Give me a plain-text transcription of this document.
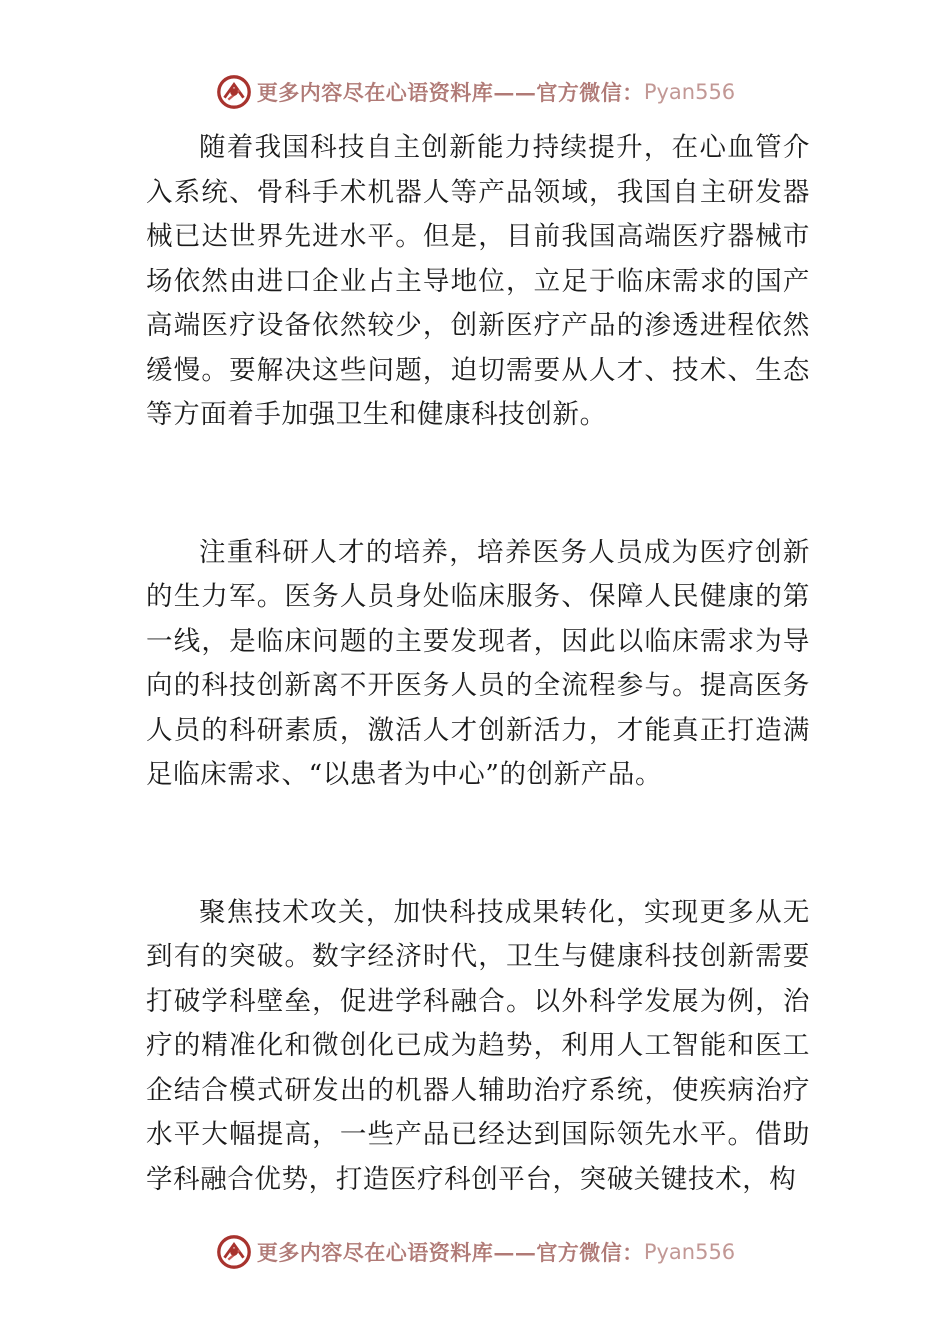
更多内容尽在心语资料库 —— 官方微信： Pyan556

随着我国科技自主创新能力持续提升，在心血管介入系统、骨科手术机器人等产品领域，我国自主研发器械已达世界先进水平。但是，目前我国高端医疗器械市场依然由进口企业占主导地位，立足于临床需求的国产高端医疗设备依然较少，创新医疗产品的渗透进程依然缓慢。要解决这些问题，迫切需要从人才、技术、生态等方面着手加强卫生和健康科技创新。

注重科研人才的培养，培养医务人员成为医疗创新的生力军。医务人员身处临床服务、保障人民健康的第一线，是临床问题的主要发现者，因此以临床需求为导向的科技创新离不开医务人员的全流程参与。提高医务人员的科研素质，激活人才创新活力，才能真正打造满足临床需求、“以患者为中心”的创新产品。

聚焦技术攻关，加快科技成果转化，实现更多从无到有的突破。数字经济时代，卫生与健康科技创新需要打破学科壁垒，促进学科融合。以外科学发展为例，治疗的精准化和微创化已成为趋势，利用人工智能和医工企结合模式研发出的机器人辅助治疗系统，使疾病治疗水平大幅提高，一些产品已经达到国际领先水平。借助学科融合优势，打造医疗科创平台，突破关键技术，构

更多内容尽在心语资料库 —— 官方微信： Pyan556
